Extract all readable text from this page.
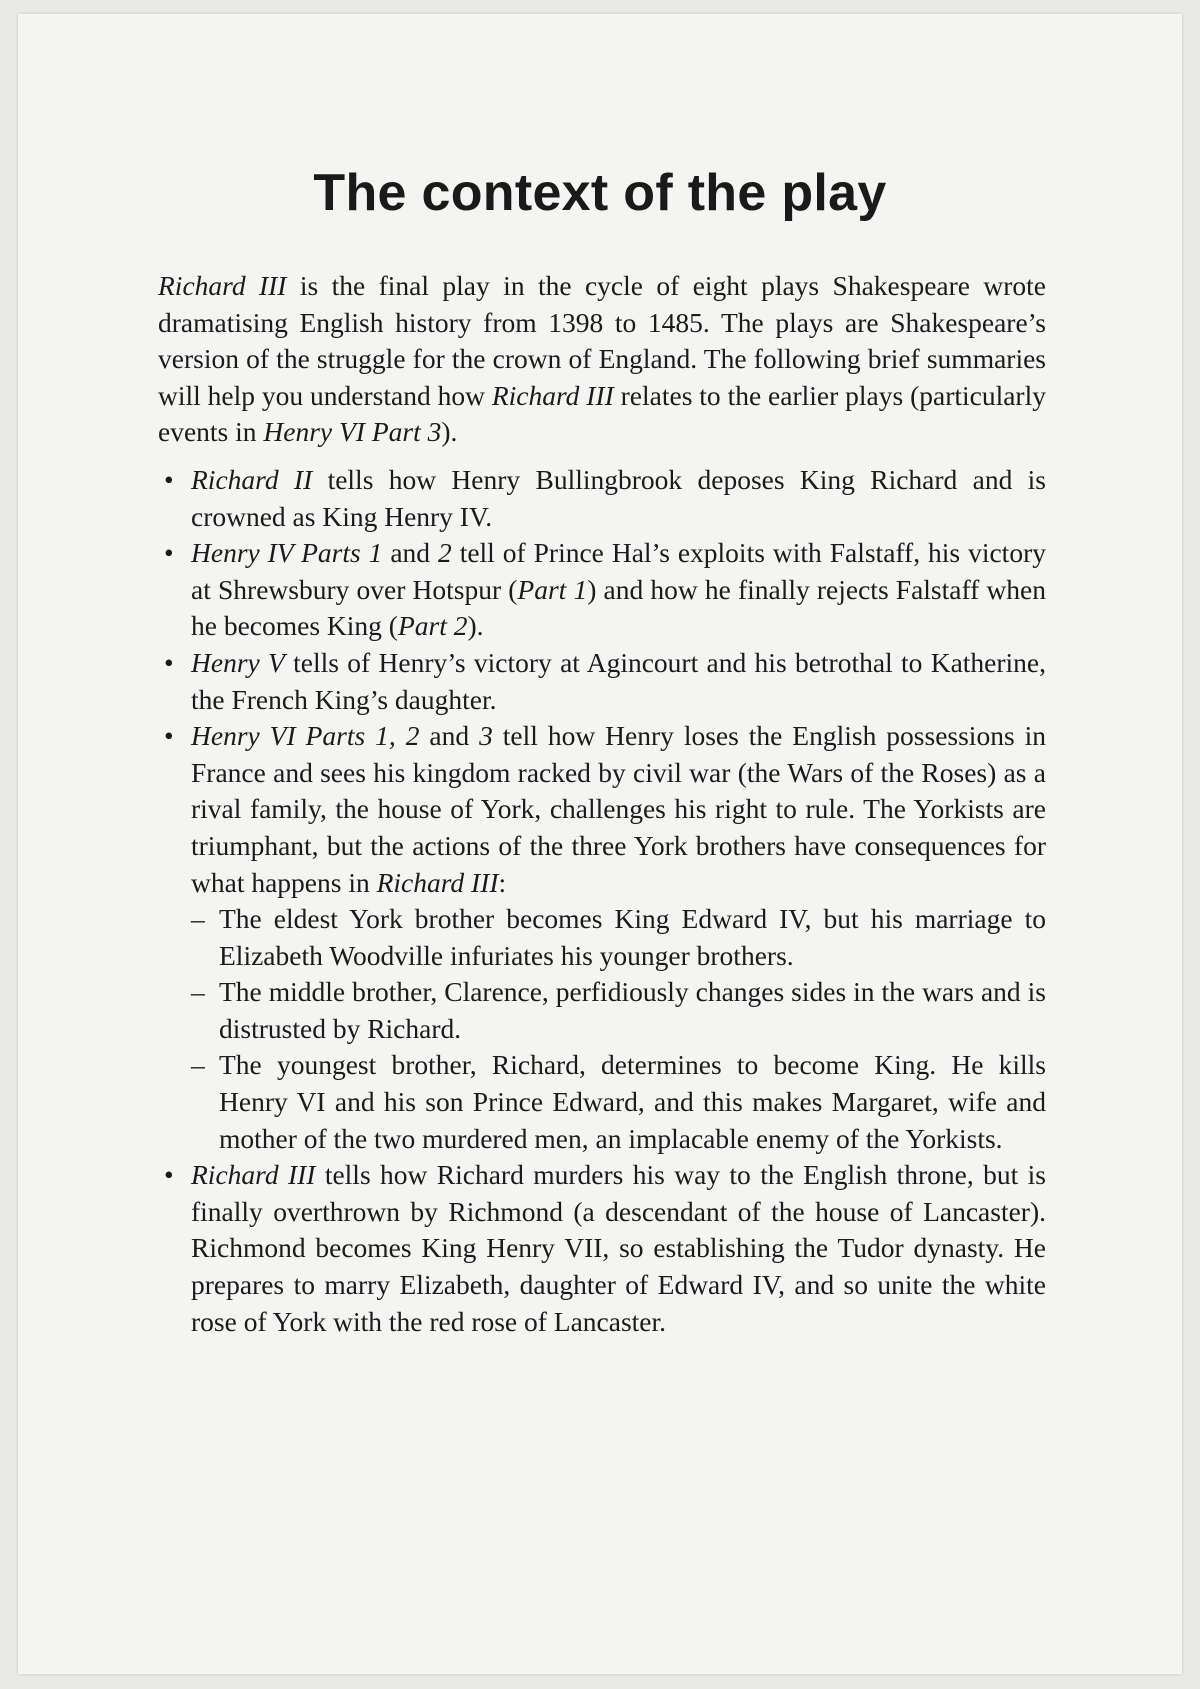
The context of the play

Richard III is the final play in the cycle of eight plays Shakespeare wrote dramatising English history from 1398 to 1485. The plays are Shakespeare’s version of the struggle for the crown of England. The following brief summaries will help you understand how Richard III relates to the earlier plays (particularly events in Henry VI Part 3).

• Richard II tells how Henry Bullingbrook deposes King Richard and is crowned as King Henry IV.
• Henry IV Parts 1 and 2 tell of Prince Hal’s exploits with Falstaff, his victory at Shrewsbury over Hotspur (Part 1) and how he finally rejects Falstaff when he becomes King (Part 2).
• Henry V tells of Henry’s victory at Agincourt and his betrothal to Katherine, the French King’s daughter.
• Henry VI Parts 1, 2 and 3 tell how Henry loses the English possessions in France and sees his kingdom racked by civil war (the Wars of the Roses) as a rival family, the house of York, challenges his right to rule. The Yorkists are triumphant, but the actions of the three York brothers have consequences for what happens in Richard III:
– The eldest York brother becomes King Edward IV, but his marriage to Elizabeth Woodville infuriates his younger brothers.
– The middle brother, Clarence, perfidiously changes sides in the wars and is distrusted by Richard.
– The youngest brother, Richard, determines to become King. He kills Henry VI and his son Prince Edward, and this makes Margaret, wife and mother of the two murdered men, an implacable enemy of the Yorkists.
• Richard III tells how Richard murders his way to the English throne, but is finally overthrown by Richmond (a descendant of the house of Lancaster). Richmond becomes King Henry VII, so establishing the Tudor dynasty. He prepares to marry Elizabeth, daughter of Edward IV, and so unite the white rose of York with the red rose of Lancaster.
